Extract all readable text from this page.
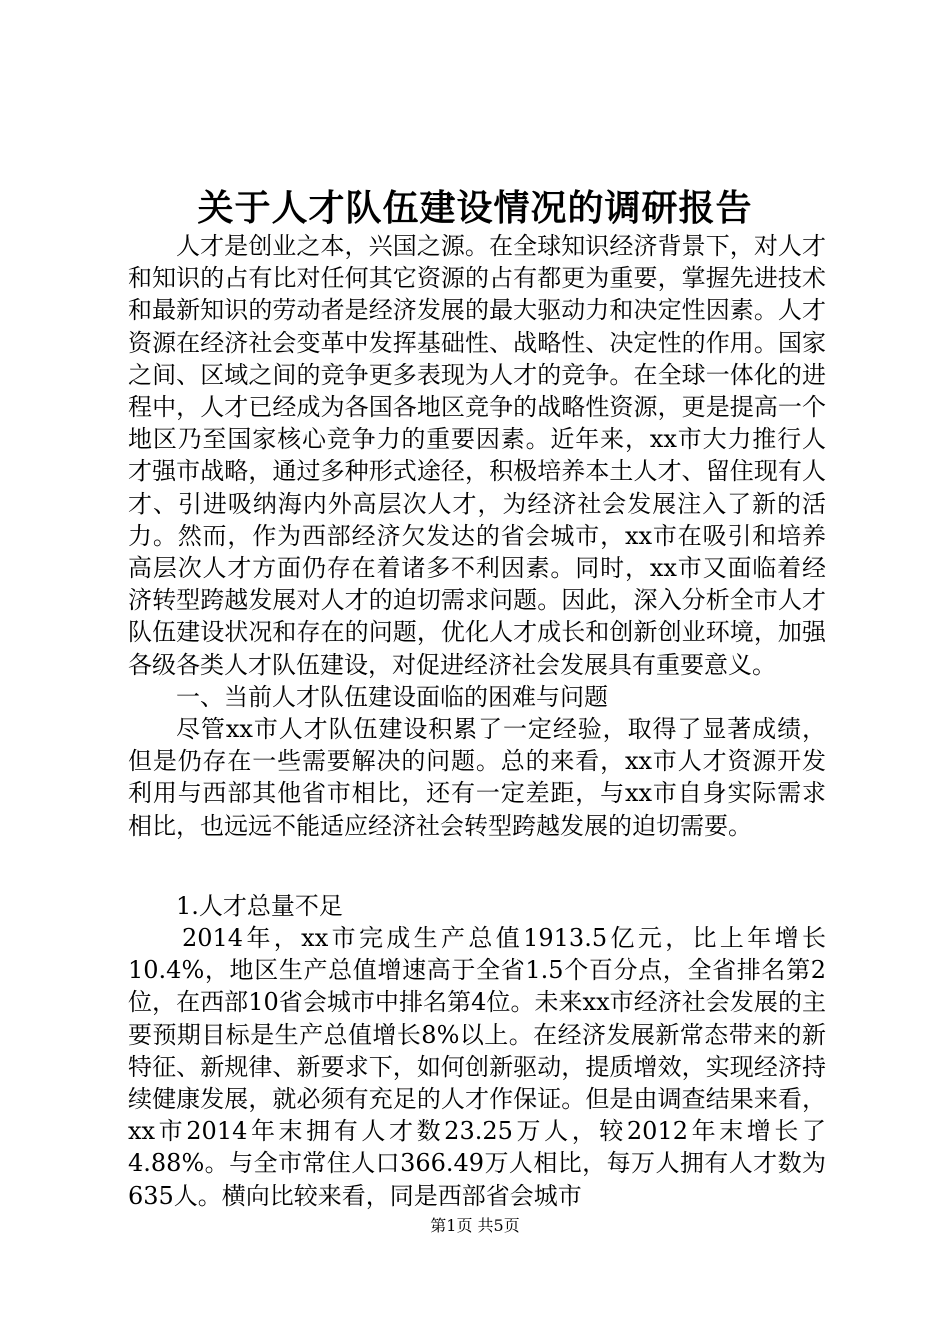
关于人才队伍建设情况的调研报告

人才是创业之本，兴国之源。在全球知识经济背景下，对人才和知识的占有比对任何其它资源的占有都更为重要，掌握先进技术和最新知识的劳动者是经济发展的最大驱动力和决定性因素。人才资源在经济社会变革中发挥基础性、战略性、决定性的作用。国家之间、区域之间的竞争更多表现为人才的竞争。在全球一体化的进程中，人才已经成为各国各地区竞争的战略性资源，更是提高一个地区乃至国家核心竞争力的重要因素。近年来，xx市大力推行人才强市战略，通过多种形式途径，积极培养本土人才、留住现有人才、引进吸纳海内外高层次人才，为经济社会发展注入了新的活力。然而，作为西部经济欠发达的省会城市，xx市在吸引和培养高层次人才方面仍存在着诸多不利因素。同时，xx市又面临着经济转型跨越发展对人才的迫切需求问题。因此，深入分析全市人才队伍建设状况和存在的问题，优化人才成长和创新创业环境，加强各级各类人才队伍建设，对促进经济社会发展具有重要意义。

一、当前人才队伍建设面临的困难与问题

尽管xx市人才队伍建设积累了一定经验，取得了显著成绩，但是仍存在一些需要解决的问题。总的来看，xx市人才资源开发利用与西部其他省市相比，还有一定差距，与xx市自身实际需求相比，也远远不能适应经济社会转型跨越发展的迫切需要。

1.人才总量不足

2014年，xx市完成生产总值1913.5亿元，比上年增长10.4%，地区生产总值增速高于全省1.5个百分点，全省排名第2位，在西部10省会城市中排名第4位。未来xx市经济社会发展的主要预期目标是生产总值增长8%以上。在经济发展新常态带来的新特征、新规律、新要求下，如何创新驱动，提质增效，实现经济持续健康发展，就必须有充足的人才作保证。但是由调查结果来看，xx市2014年末拥有人才数23.25万人，较2012年末增长了4.88%。与全市常住人口366.49万人相比，每万人拥有人才数为635人。横向比较来看，同是西部省会城市

第1页 共5页
